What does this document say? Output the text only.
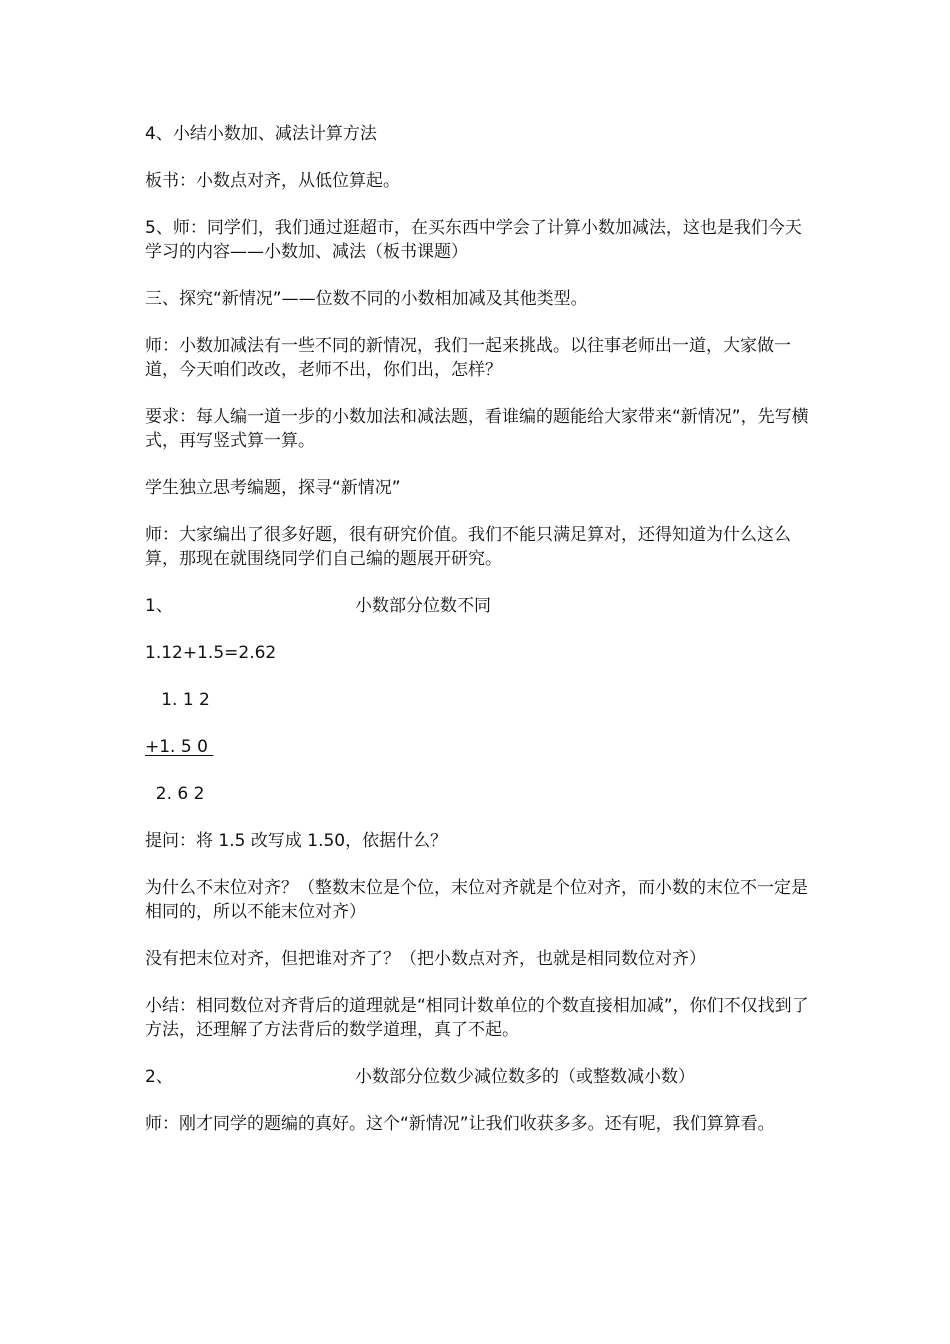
4、小结小数加、减法计算方法

板书：小数点对齐，从低位算起。

5、师：同学们，我们通过逛超市，在买东西中学会了计算小数加减法，这也是我们今天学习的内容——小数加、减法（板书课题）

三、探究“新情况”——位数不同的小数相加减及其他类型。

师：小数加减法有一些不同的新情况，我们一起来挑战。以往事老师出一道，大家做一道，今天咱们改改，老师不出，你们出，怎样？

要求：每人编一道一步的小数加法和减法题，看谁编的题能给大家带来“新情况”，先写横式，再写竖式算一算。

学生独立思考编题，探寻“新情况”

师：大家编出了很多好题，很有研究价值。我们不能只满足算对，还得知道为什么这么算，那现在就围绕同学们自己编的题展开研究。

1、	小数部分位数不同

1.12+1.5=2.62

1. 1 2
+1. 5 0
2. 6 2

提问：将 1.5 改写成 1.50，依据什么？

为什么不末位对齐？（整数末位是个位，末位对齐就是个位对齐，而小数的末位不一定是相同的，所以不能末位对齐）

没有把末位对齐，但把谁对齐了？（把小数点对齐，也就是相同数位对齐）

小结：相同数位对齐背后的道理就是“相同计数单位的个数直接相加减”，你们不仅找到了方法，还理解了方法背后的数学道理，真了不起。

2、	小数部分位数少减位数多的（或整数减小数）

师：刚才同学的题编的真好。这个“新情况”让我们收获多多。还有呢，我们算算看。
